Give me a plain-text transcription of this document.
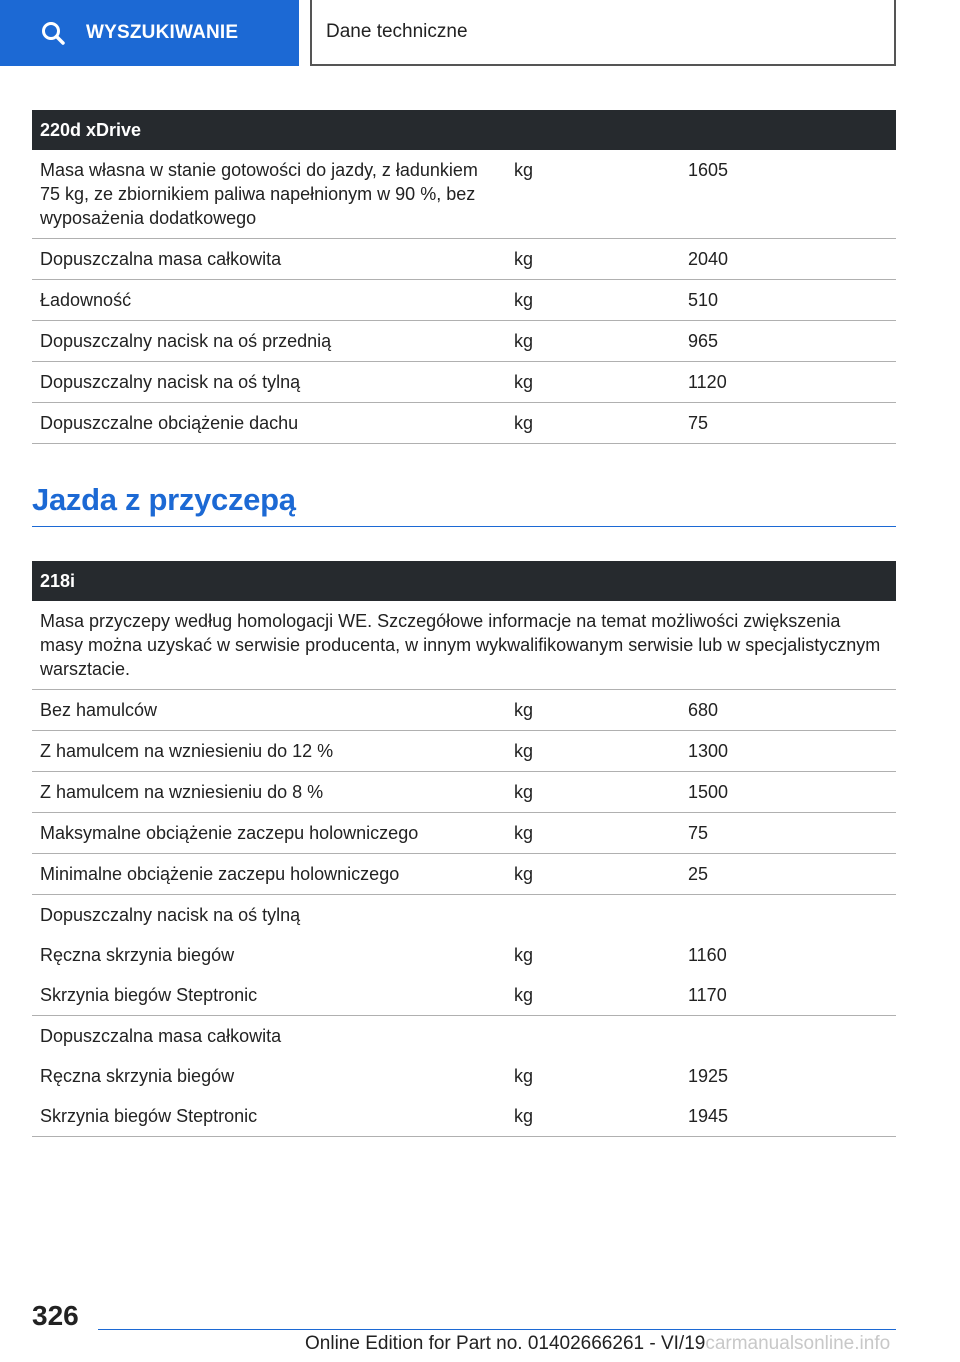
WYSZUKIWANIE	Dane techniczne
220d xDrive
Masa własna w stanie gotowości do jazdy, z ładunkiem 75 kg, ze zbiornikiem paliwa napełnionym w 90 %, bez wyposażenia dodatkowego
kg	1605
Dopuszczalna masa całkowita	kg	2040
Ładowność	kg	510
Dopuszczalny nacisk na oś przednią	kg	965
Dopuszczalny nacisk na oś tylną	kg	1120
Dopuszczalne obciążenie dachu	kg	75
Jazda z przyczepą
218i
Masa przyczepy według homologacji WE. Szczegółowe informacje na temat możliwości zwiększenia masy można uzyskać w serwisie producenta, w innym wykwalifikowanym serwisie lub w specjalistycznym warsztacie.
Bez hamulców	kg	680
Z hamulcem na wzniesieniu do 12 %	kg	1300
Z hamulcem na wzniesieniu do 8 %	kg	1500
Maksymalne obciążenie zaczepu holowniczego	kg	75
Minimalne obciążenie zaczepu holowniczego	kg	25
Dopuszczalny nacisk na oś tylną
Ręczna skrzynia biegów	kg	1160
Skrzynia biegów Steptronic	kg	1170
Dopuszczalna masa całkowita
Ręczna skrzynia biegów	kg	1925
Skrzynia biegów Steptronic	kg	1945
326
Online Edition for Part no. 01402666261 - VI/19carmanualsonline.info
